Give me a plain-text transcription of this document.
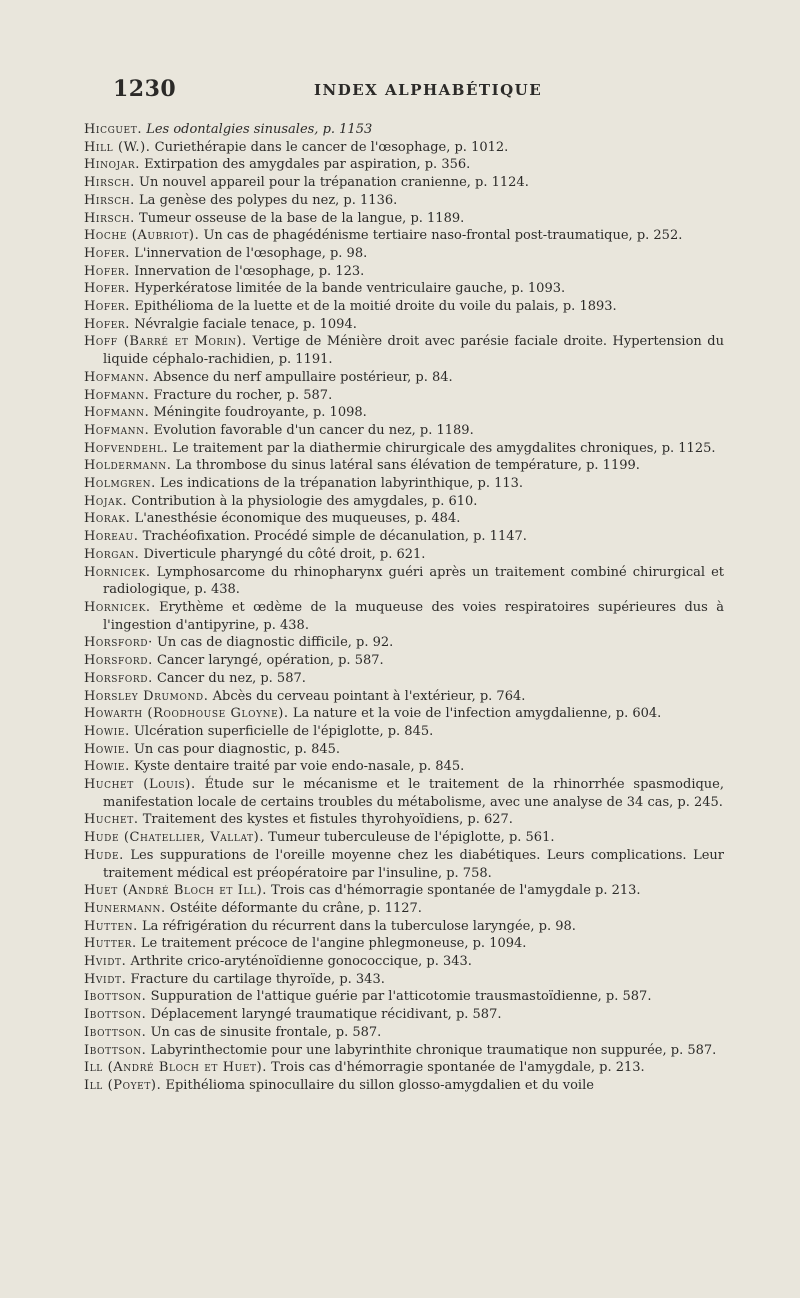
1230	INDEX ALPHABÉTIQUE
Hicguet. Les odontalgies sinusales, p. 1153
Hill (W.). Curiethérapie dans le cancer de l'œsophage, p. 1012.
Hinojar. Extirpation des amygdales par aspiration, p. 356.
Hirsch. Un nouvel appareil pour la trépanation cranienne, p. 1124.
Hirsch. La genèse des polypes du nez, p. 1136.
Hirsch. Tumeur osseuse de la base de la langue, p. 1189.
Hoche (Aubriot). Un cas de phagédénisme tertiaire naso-frontal post-traumatique, p. 252.
Hofer. L'innervation de l'œsophage, p. 98.
Hofer. Innervation de l'œsophage, p. 123.
Hofer. Hyperkératose limitée de la bande ventriculaire gauche, p. 1093.
Hofer. Epithélioma de la luette et de la moitié droite du voile du palais, p. 1893.
Hofer. Névralgie faciale tenace, p. 1094.
Hoff (Barré et Morin). Vertige de Ménière droit avec parésie faciale droite. Hypertension du liquide céphalo-rachidien, p. 1191.
Hofmann. Absence du nerf ampullaire postérieur, p. 84.
Hofmann. Fracture du rocher, p. 587.
Hofmann. Méningite foudroyante, p. 1098.
Hofmann. Evolution favorable d'un cancer du nez, p. 1189.
Hofvendehl. Le traitement par la diathermie chirurgicale des amygdalites chroniques, p. 1125.
Holdermann. La thrombose du sinus latéral sans élévation de température, p. 1199.
Holmgren. Les indications de la trépanation labyrinthique, p. 113.
Hojak. Contribution à la physiologie des amygdales, p. 610.
Horak. L'anesthésie économique des muqueuses, p. 484.
Horeau. Trachéofixation. Procédé simple de décanulation, p. 1147.
Horgan. Diverticule pharyngé du côté droit, p. 621.
Hornicek. Lymphosarcome du rhinopharynx guéri après un traitement combiné chirurgical et radiologique, p. 438.
Hornicek. Erythème et œdème de la muqueuse des voies respiratoires supérieures dus à l'ingestion d'antipyrine, p. 438.
Horsford· Un cas de diagnostic difficile, p. 92.
Horsford. Cancer laryngé, opération, p. 587.
Horsford. Cancer du nez, p. 587.
Horsley Drumond. Abcès du cerveau pointant à l'extérieur, p. 764.
Howarth (Roodhouse Gloyne). La nature et la voie de l'infection amygdalienne, p. 604.
Howie. Ulcération superficielle de l'épiglotte, p. 845.
Howie. Un cas pour diagnostic, p. 845.
Howie. Kyste dentaire traité par voie endo-nasale, p. 845.
Huchet (Louis). Étude sur le mécanisme et le traitement de la rhinorrhée spasmodique, manifestation locale de certains troubles du métabolisme, avec une analyse de 34 cas, p. 245.
Huchet. Traitement des kystes et fistules thyrohyoïdiens, p. 627.
Hude (Chatellier, Vallat). Tumeur tuberculeuse de l'épiglotte, p. 561.
Hude. Les suppurations de l'oreille moyenne chez les diabétiques. Leurs complications. Leur traitement médical est préopératoire par l'insuline, p. 758.
Huet (André Bloch et Ill). Trois cas d'hémorragie spontanée de l'amygdale p. 213.
Hunermann. Ostéite déformante du crâne, p. 1127.
Hutten. La réfrigération du récurrent dans la tuberculose laryngée, p. 98.
Hutter. Le traitement précoce de l'angine phlegmoneuse, p. 1094.
Hvidt. Arthrite crico-aryténoïdienne gonococcique, p. 343.
Hvidt. Fracture du cartilage thyroïde, p. 343.
Ibottson. Suppuration de l'attique guérie par l'atticotomie trausmastoïdienne, p. 587.
Ibottson. Déplacement laryngé traumatique récidivant, p. 587.
Ibottson. Un cas de sinusite frontale, p. 587.
Ibottson. Labyrinthectomie pour une labyrinthite chronique traumatique non suppurée, p. 587.
Ill (André Bloch et Huet). Trois cas d'hémorragie spontanée de l'amygdale, p. 213.
Ill (Poyet). Epithélioma spinocullaire du sillon glosso-amygdalien et du voile
